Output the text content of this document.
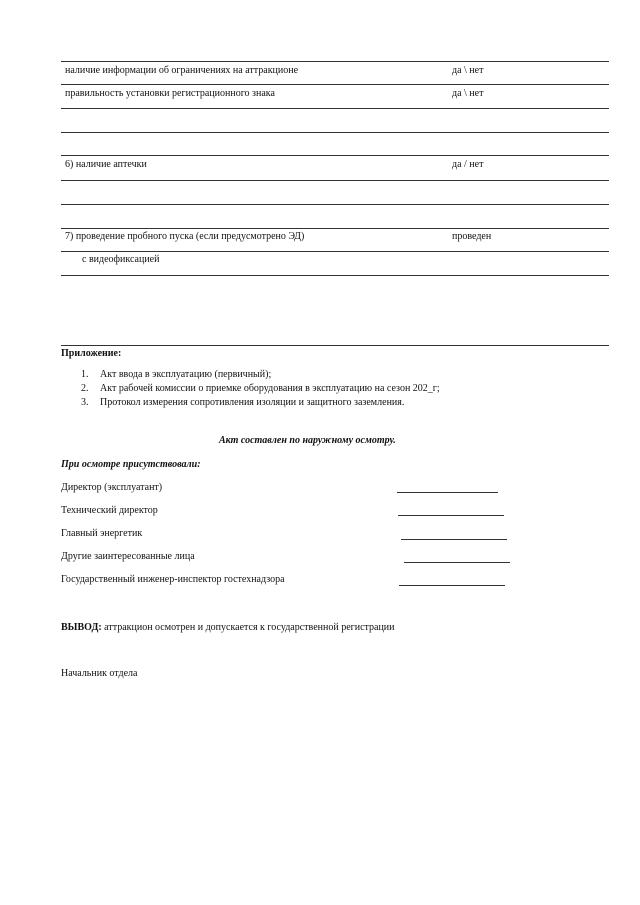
наличие информации об ограничениях на аттракционе	да \ нет
правильность установки регистрационного знака	да \ нет
6) наличие аптечки	да / нет
7) проведение пробного пуска (если предусмотрено ЭД)	проведен
с видеофиксацией
Приложение:
1. Акт ввода в эксплуатацию (первичный);
2. Акт рабочей комиссии о приемке оборудования в эксплуатацию на сезон 202_г;
3. Протокол измерения сопротивления изоляции и защитного заземления.
Акт составлен по наружному осмотру.
При осмотре присутствовали:
Директор (эксплуатант)
Технический директор
Главный энергетик
Другие заинтересованные лица
Государственный инженер-инспектор гостехнадзора
ВЫВОД: аттракцион осмотрен и допускается к государственной регистрации
Начальник отдела
